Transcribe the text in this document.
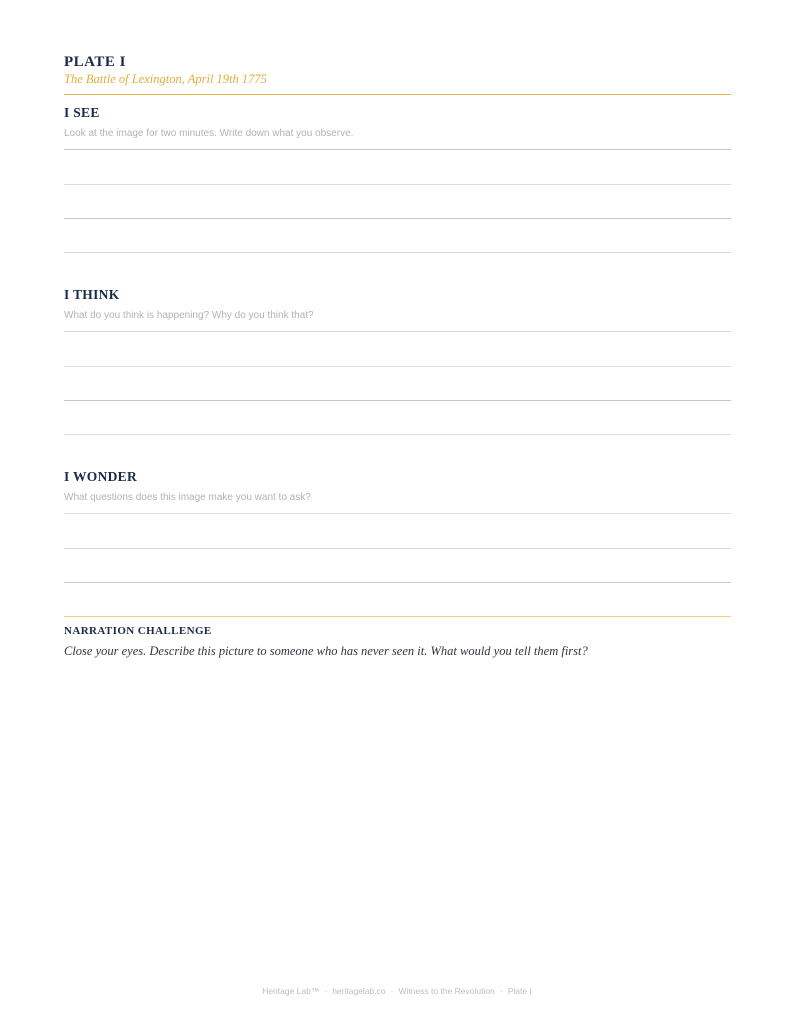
PLATE I

The Battle of Lexington, April 19th 1775

I SEE

Look at the image for two minutes. Write down what you observe.

I THINK

What do you think is happening? Why do you think that?

I WONDER

What questions does this image make you want to ask?

NARRATION CHALLENGE

Close your eyes. Describe this picture to someone who has never seen it. What would you tell them first?

Heritage Lab™ · heritagelab.co · Witness to the Revolution · Plate I
